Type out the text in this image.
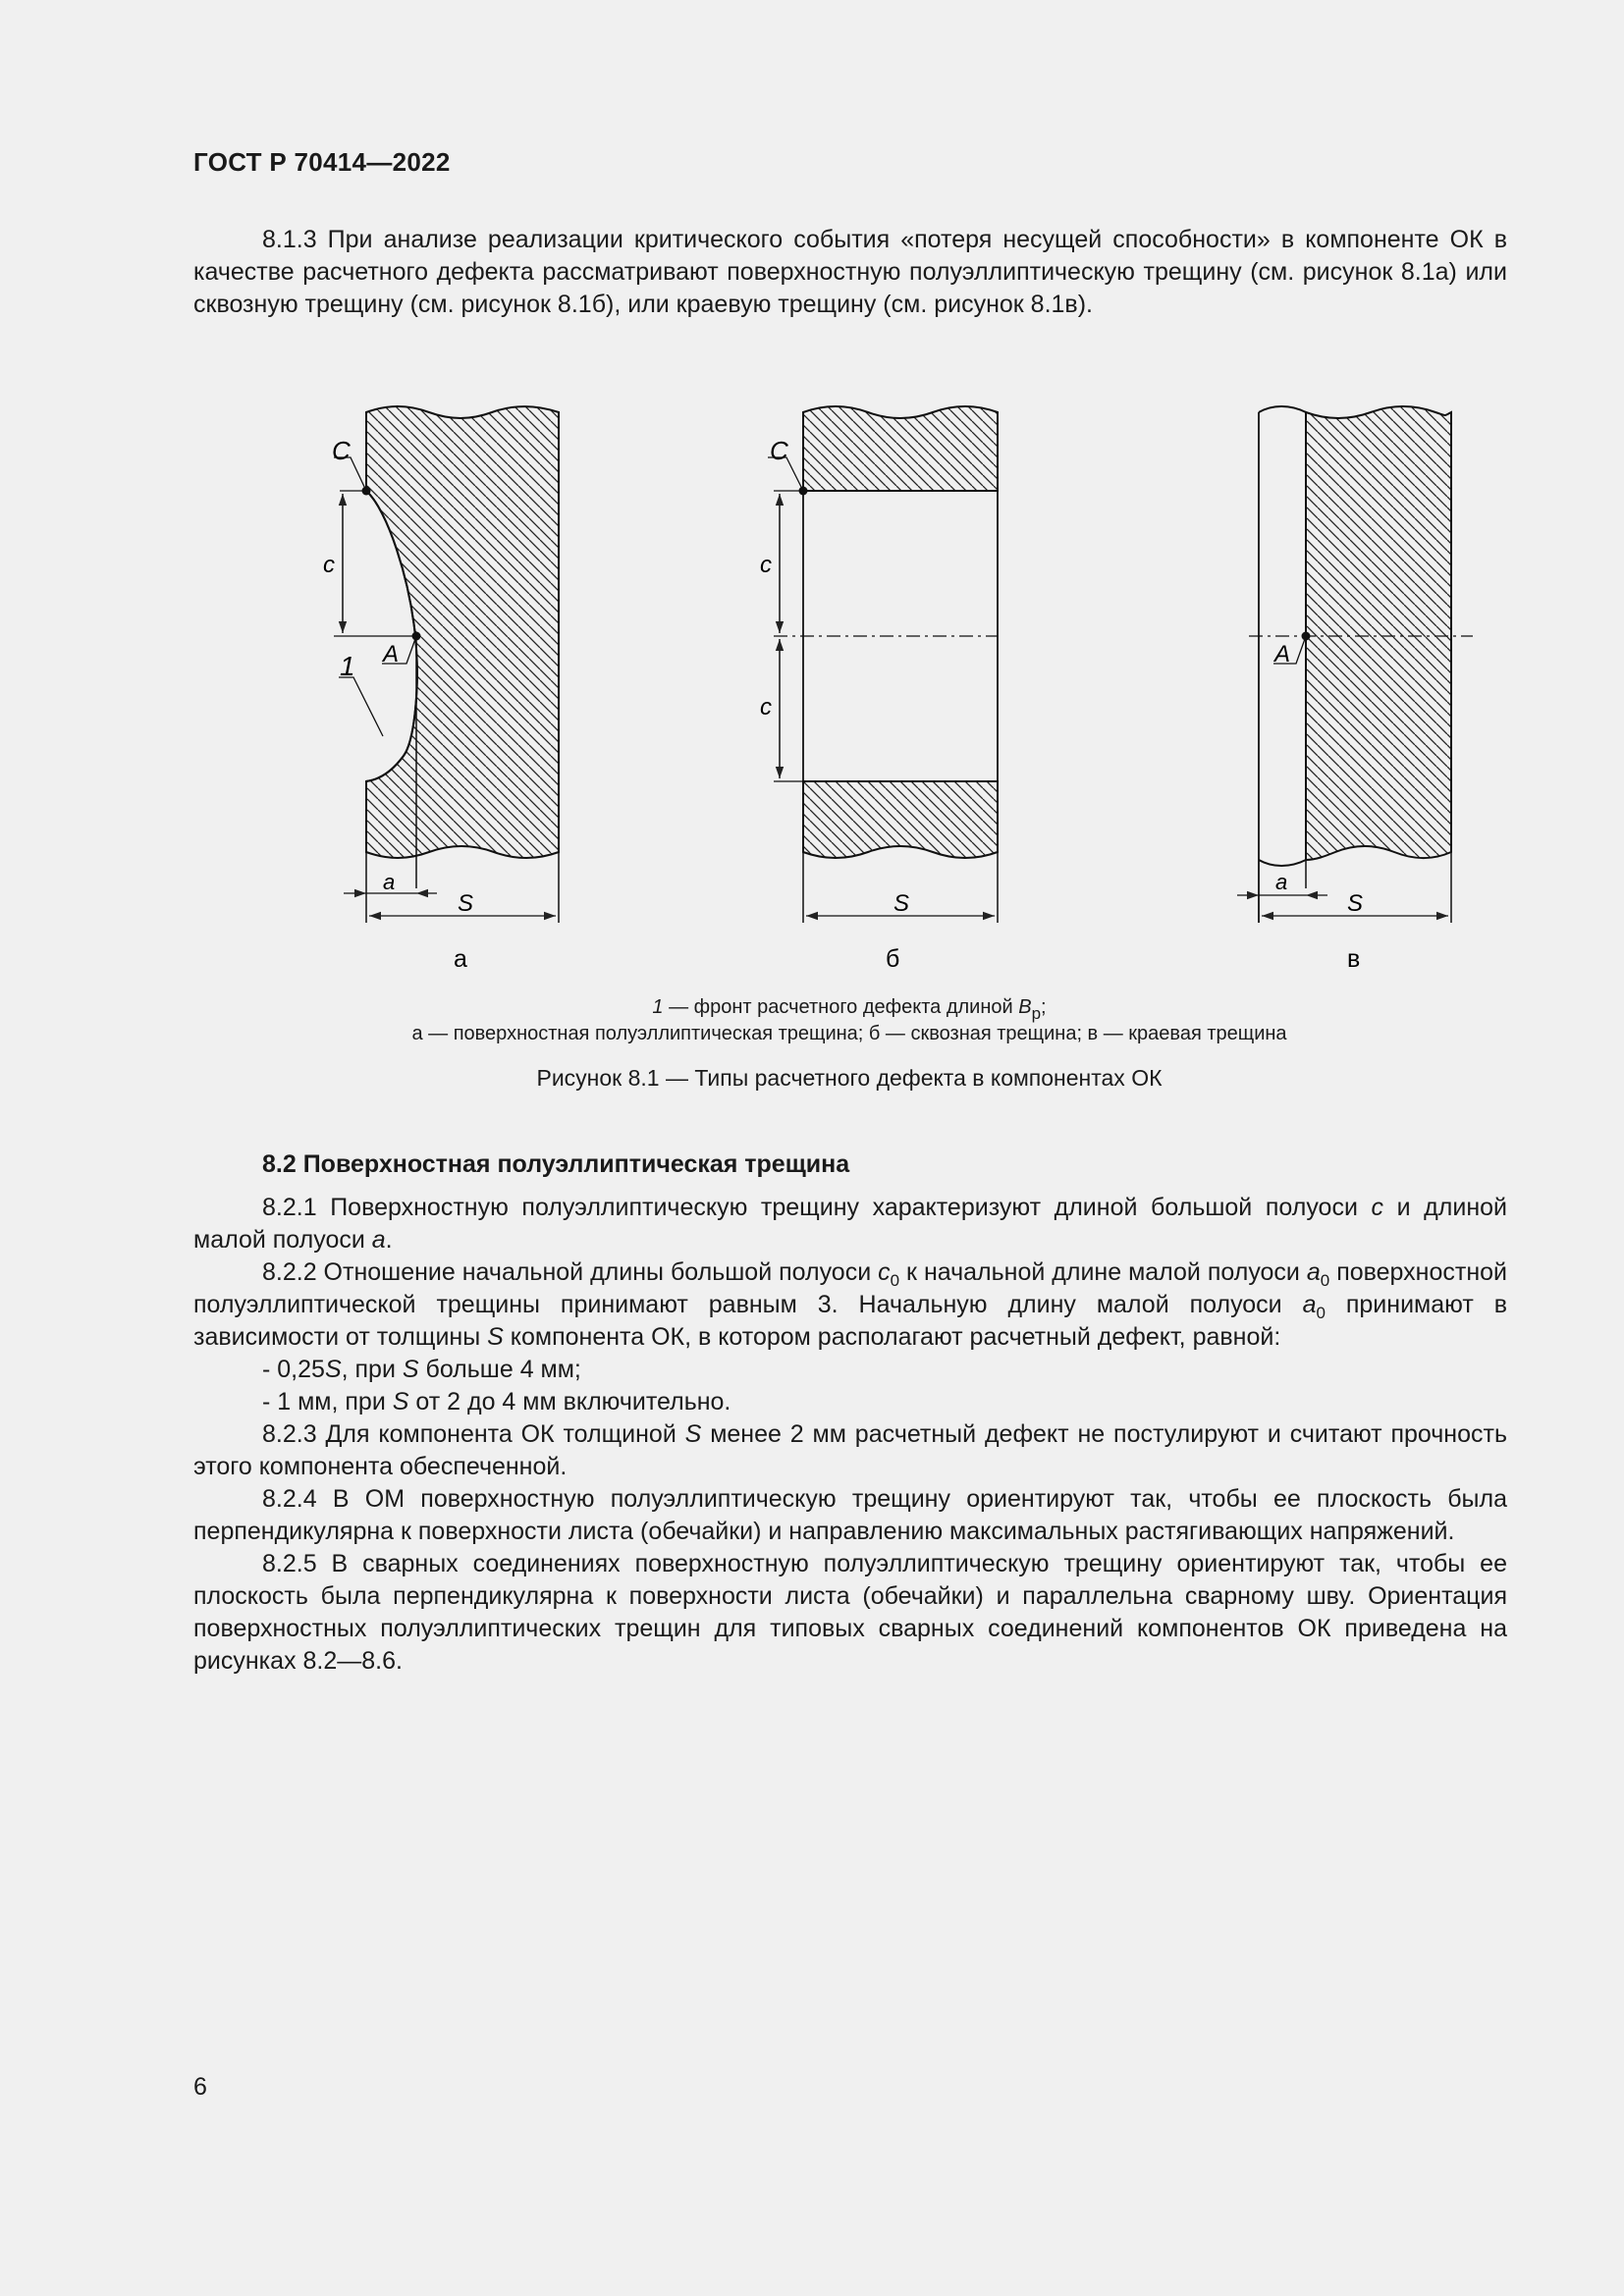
ГОСТ Р 70414—2022

8.1.3 При анализе реализации критического события «потеря несущей способности» в компоненте ОК в качестве расчетного дефекта рассматривают поверхностную полуэллиптическую трещину (см. рисунок 8.1а) или сквозную трещину (см. рисунок 8.1б), или краевую трещину (см. рисунок 8.1в).

C
c
A
1
a
S
а
C
c
c
S
б
A
a
S
в
1 — фронт расчетного дефекта длиной $B_р$;
а — поверхностная полуэллиптическая трещина; б — сквозная трещина; в — краевая трещина
Рисунок 8.1 — Типы расчетного дефекта в компонентах ОК

8.2 Поверхностная полуэллиптическая трещина

8.2.1 Поверхностную полуэллиптическую трещину характеризуют длиной большой полуоси c и длиной малой полуоси a.

8.2.2 Отношение начальной длины большой полуоси $c_0$ к начальной длине малой полуоси $a_0$ поверхностной полуэллиптической трещины принимают равным 3. Начальную длину малой полуоси $a_0$ принимают в зависимости от толщины S компонента ОК, в котором располагают расчетный дефект, равной:

- 0,25S, при S больше 4 мм;

- 1 мм, при S от 2 до 4 мм включительно.

8.2.3 Для компонента ОК толщиной S менее 2 мм расчетный дефект не постулируют и считают прочность этого компонента обеспеченной.

8.2.4 В ОМ поверхностную полуэллиптическую трещину ориентируют так, чтобы ее плоскость была перпендикулярна к поверхности листа (обечайки) и направлению максимальных растягивающих напряжений.

8.2.5 В сварных соединениях поверхностную полуэллиптическую трещину ориентируют так, чтобы ее плоскость была перпендикулярна к поверхности листа (обечайки) и параллельна сварному шву. Ориентация поверхностных полуэллиптических трещин для типовых сварных соединений компонентов ОК приведена на рисунках 8.2—8.6.

6
